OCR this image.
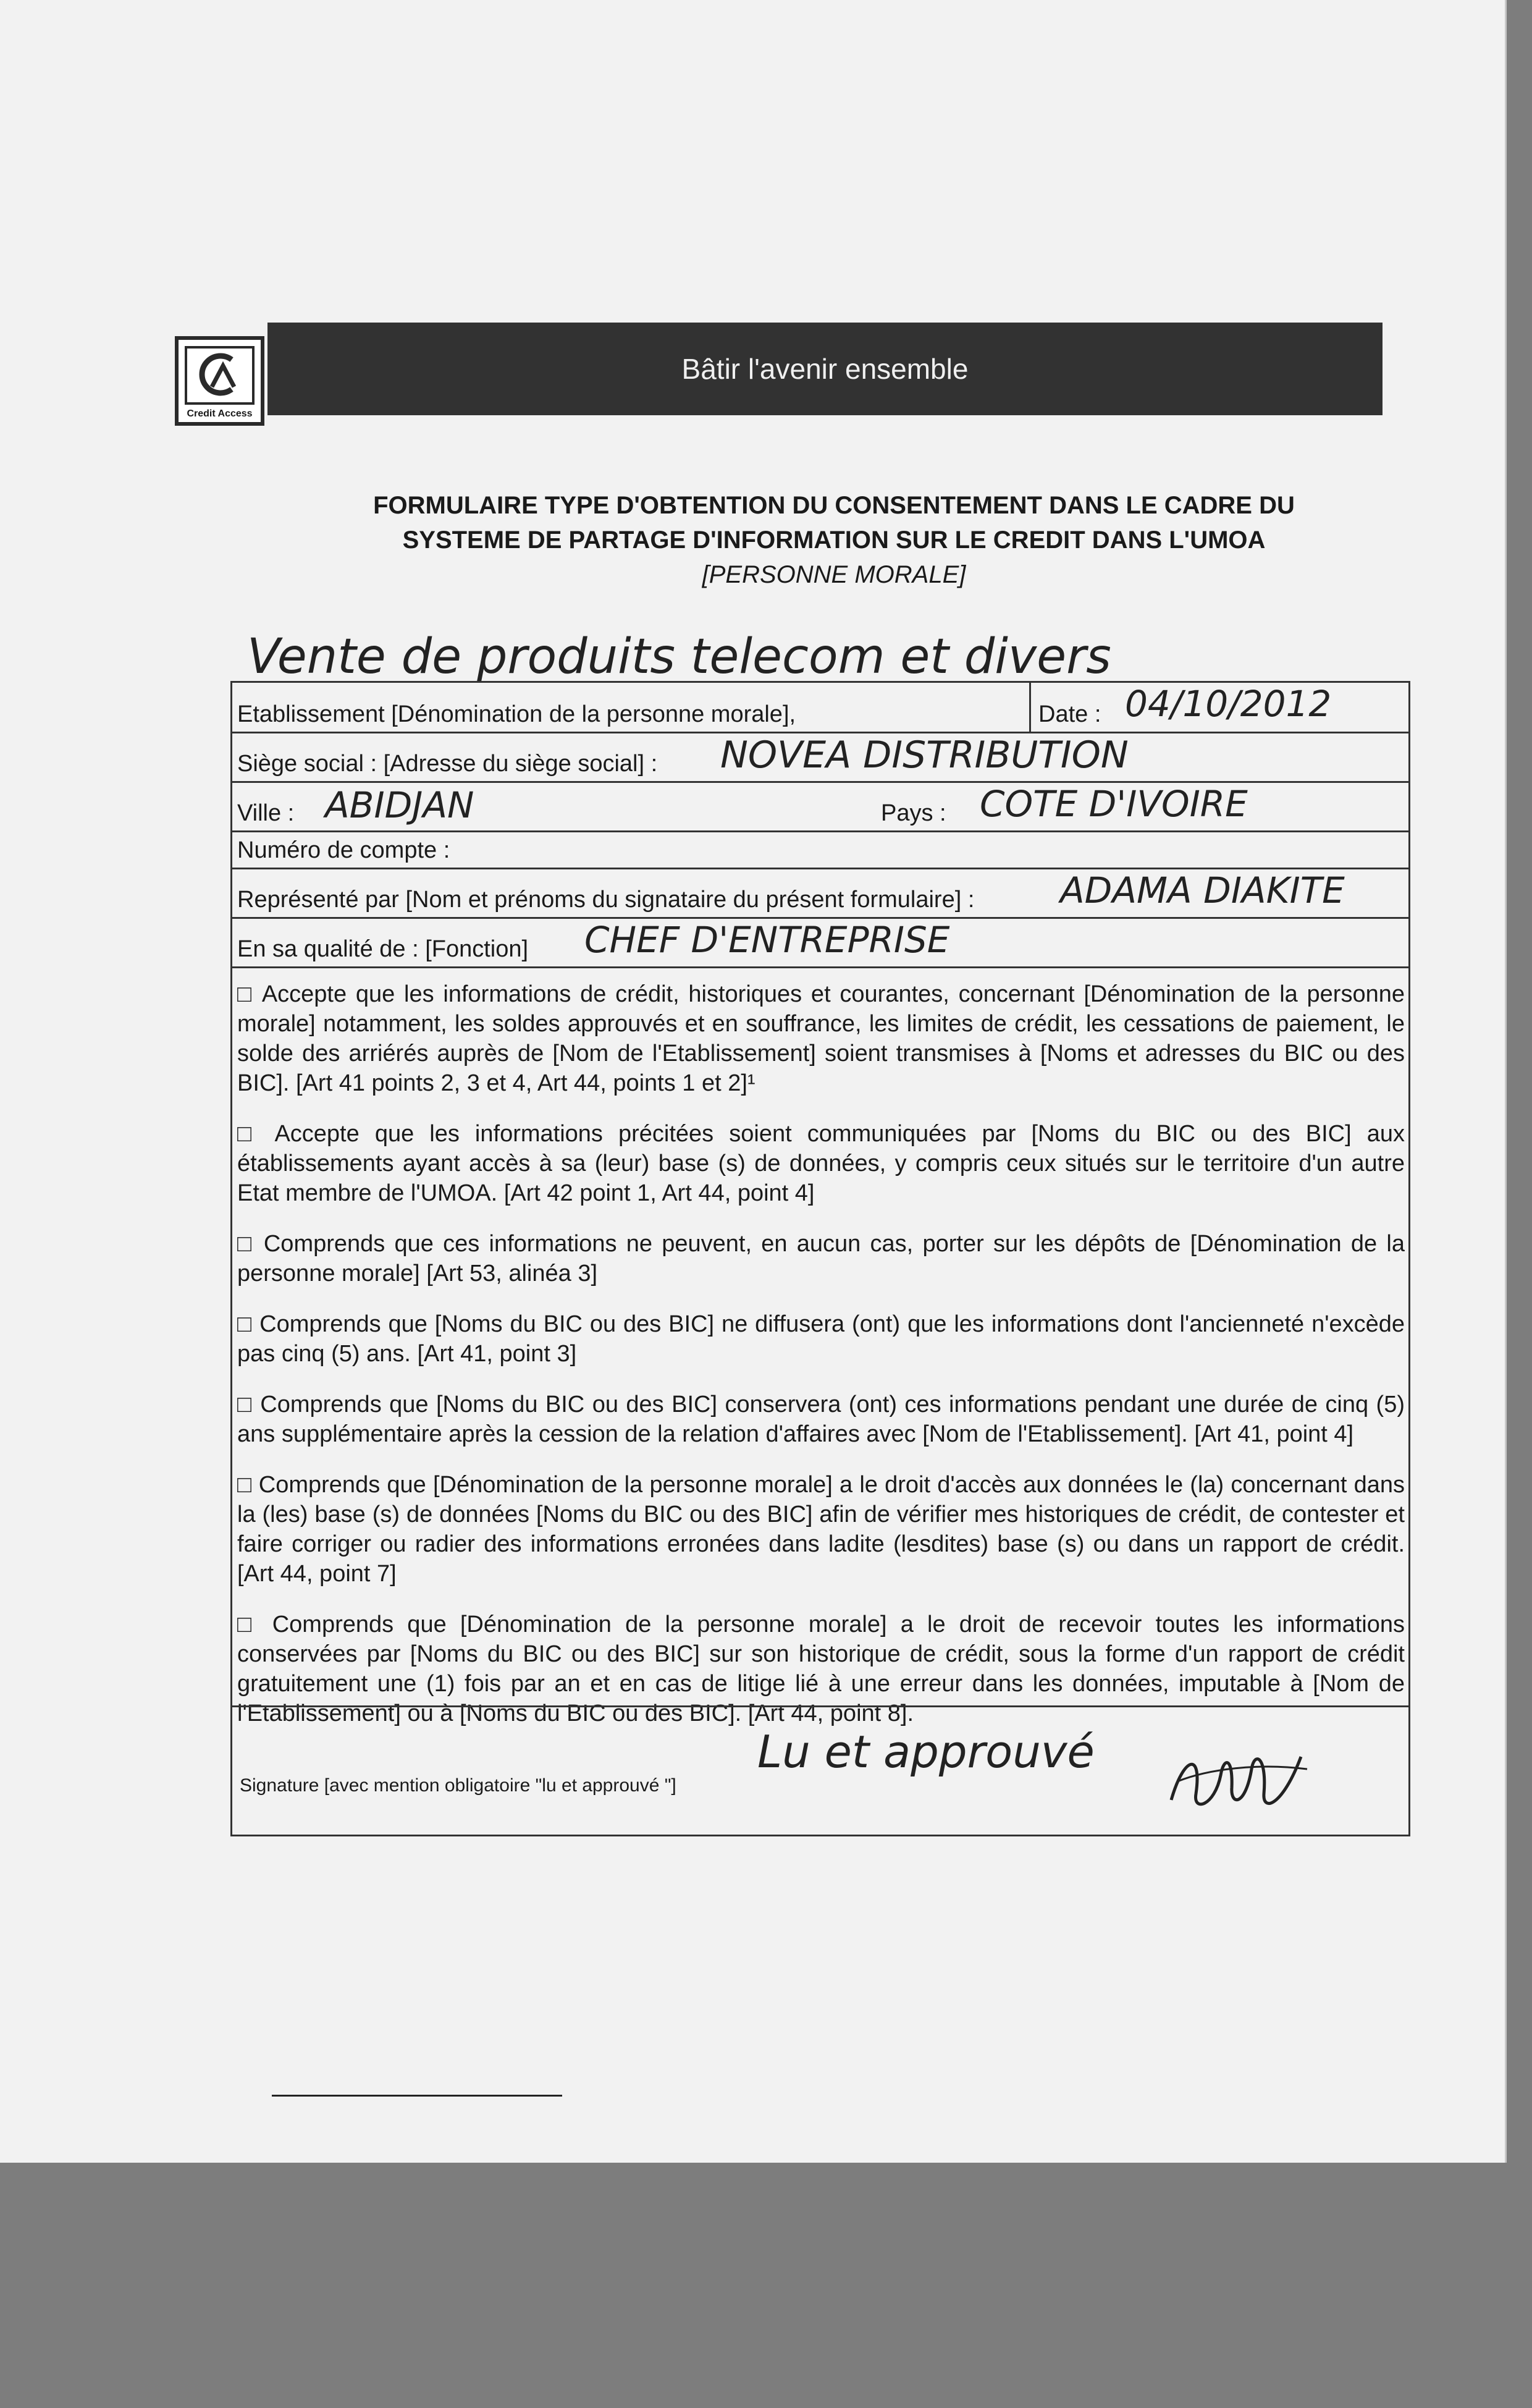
Credit Access
Bâtir l'avenir ensemble
FORMULAIRE TYPE D'OBTENTION DU CONSENTEMENT DANS LE CADRE DU
SYSTEME DE PARTAGE D'INFORMATION SUR LE CREDIT DANS L'UMOA
[PERSONNE MORALE]
Vente de produits telecom et divers
Etablissement [Dénomination de la personne morale],	Date : 04/10/2012
Siège social : [Adresse du siège social] : NOVEA DISTRIBUTION
Ville : ABIDJAN	Pays : COTE D'IVOIRE
Numéro de compte :
Représenté par [Nom et prénoms du signataire du présent formulaire] : ADAMA DIAKITE
En sa qualité de : [Fonction] CHEF D'ENTREPRISE
□ Accepte que les informations de crédit, historiques et courantes, concernant [Dénomination de la personne morale] notamment, les soldes approuvés et en souffrance, les limites de crédit, les cessations de paiement, le solde des arriérés auprès de [Nom de l'Etablissement] soient transmises à [Noms et adresses du BIC ou des BIC]. [Art 41 points 2, 3 et 4, Art 44, points 1 et 2]¹
□ Accepte que les informations précitées soient communiquées par [Noms du BIC ou des BIC] aux établissements ayant accès à sa (leur) base (s) de données, y compris ceux situés sur le territoire d'un autre Etat membre de l'UMOA. [Art 42 point 1, Art 44, point 4]
□ Comprends que ces informations ne peuvent, en aucun cas, porter sur les dépôts de [Dénomination de la personne morale] [Art 53, alinéa 3]
□ Comprends que [Noms du BIC ou des BIC] ne diffusera (ont) que les informations dont l'ancienneté n'excède pas cinq (5) ans. [Art 41, point 3]
□ Comprends que [Noms du BIC ou des BIC] conservera (ont) ces informations pendant une durée de cinq (5) ans supplémentaire après la cession de la relation d'affaires avec [Nom de l'Etablissement]. [Art 41, point 4]
□ Comprends que [Dénomination de la personne morale] a le droit d'accès aux données le (la) concernant dans la (les) base (s) de données [Noms du BIC ou des BIC] afin de vérifier mes historiques de crédit, de contester et faire corriger ou radier des informations erronées dans ladite (lesdites) base (s) ou dans un rapport de crédit. [Art 44, point 7]
□ Comprends que [Dénomination de la personne morale] a le droit de recevoir toutes les informations conservées par [Noms du BIC ou des BIC] sur son historique de crédit, sous la forme d'un rapport de crédit gratuitement une (1) fois par an et en cas de litige lié à une erreur dans les données, imputable à [Nom de l'Etablissement] ou à [Noms du BIC ou des BIC]. [Art 44, point 8].
Signature [avec mention obligatoire "lu et approuvé "]
Lu et approuvé
